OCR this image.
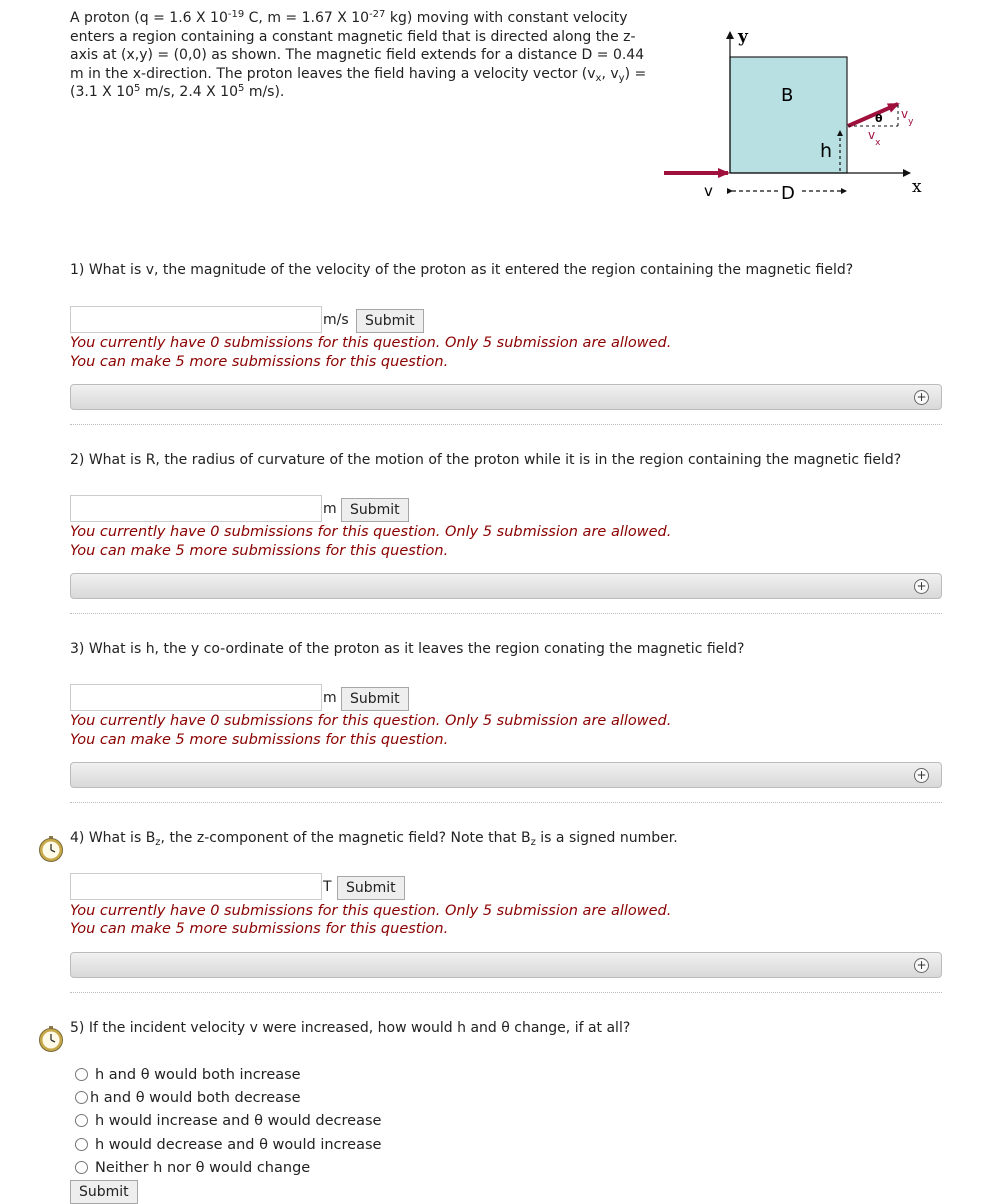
A proton (q = 1.6 X $10^{-19}$ C, m = 1.67 X $10^{-27}$ kg) moving with constant velocity enters a region containing a constant magnetic field that is directed along the z-axis at (x,y) = (0,0) as shown. The magnetic field extends for a distance D = 0.44 m in the x-direction. The proton leaves the field having a velocity vector ($v_x$, $v_y) = (3.1$ X $10^5$ m/s, 2.4 X $10^5$ m/s).
y
x
B
v	D
h
θ
$v_x$
$v_y$
1) What is v, the magnitude of the velocity of the proton as it entered the region containing the magnetic field?
m/s	Submit
You currently have 0 submissions for this question. Only 5 submission are allowed.
You can make 5 more submissions for this question.
+
2) What is R, the radius of curvature of the motion of the proton while it is in the region containing the magnetic field?
m Submit
You currently have 0 submissions for this question. Only 5 submission are allowed.
You can make 5 more submissions for this question.
+
3) What is h, the y co-ordinate of the proton as it leaves the region conating the magnetic field?
m Submit
You currently have 0 submissions for this question. Only 5 submission are allowed.
You can make 5 more submissions for this question.
+
4) What is $B_z$, the z-component of the magnetic field? Note that $B_z$ is a signed number.
T	Submit
You currently have 0 submissions for this question. Only 5 submission are allowed.
You can make 5 more submissions for this question.
+
5) If the incident velocity v were increased, how would h and θ change, if at all?
h and θ would both increase
h and θ would both decrease
h would increase and θ would decrease
h would decrease and θ would increase
Neither h nor θ would change
Submit
